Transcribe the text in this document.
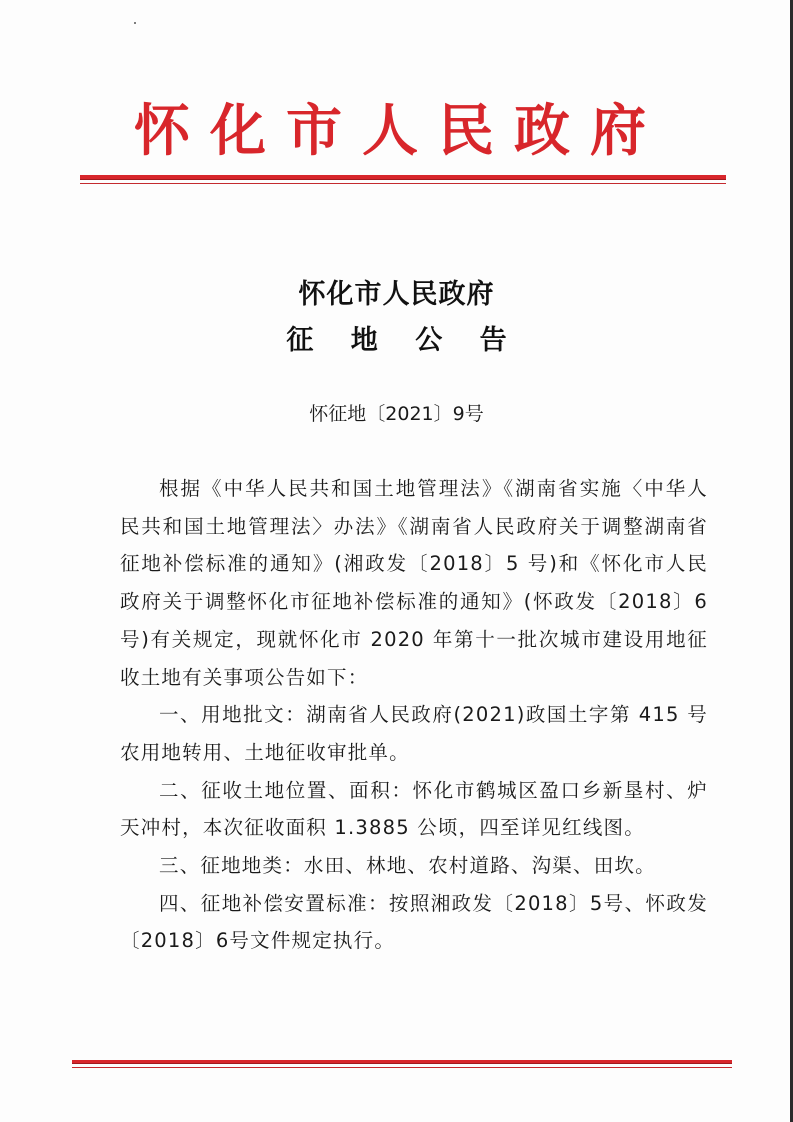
怀化市人民政府
怀化市人民政府
征 地 公 告
怀征地〔2021〕9号

根据《中华人民共和国土地管理法》《湖南省实施〈中华人民共和国土地管理法〉办法》《湖南省人民政府关于调整湖南省征地补偿标准的通知》(湘政发〔2018〕5 号)和《怀化市人民政府关于调整怀化市征地补偿标准的通知》(怀政发〔2018〕6 号)有关规定，现就怀化市 2020 年第十一批次城市建设用地征收土地有关事项公告如下：

一、用地批文：湖南省人民政府(2021)政国土字第 415 号农用地转用、土地征收审批单。

二、征收土地位置、面积：怀化市鹤城区盈口乡新垦村、炉天冲村，本次征收面积 1.3885 公顷，四至详见红线图。

三、征地地类：水田、林地、农村道路、沟渠、田坎。

四、征地补偿安置标准：按照湘政发〔2018〕5号、怀政发〔2018〕6号文件规定执行。
